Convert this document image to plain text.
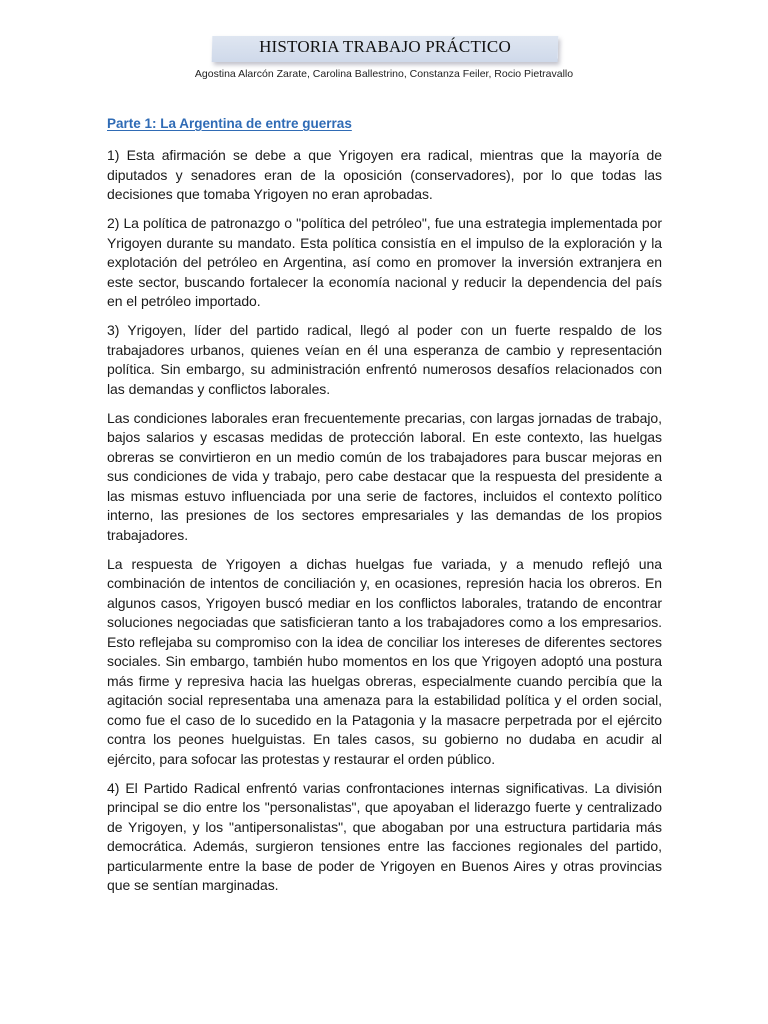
HISTORIA TRABAJO PRÁCTICO
Agostina Alarcón Zarate, Carolina Ballestrino, Constanza Feiler, Rocio Pietravallo
Parte 1: La Argentina de entre guerras

1) Esta afirmación se debe a que Yrigoyen era radical, mientras que la mayoría de diputados y senadores eran de la oposición (conservadores), por lo que todas las decisiones que tomaba Yrigoyen no eran aprobadas.

2) La política de patronazgo o "política del petróleo", fue una estrategia implementada por Yrigoyen durante su mandato. Esta política consistía en el impulso de la exploración y la explotación del petróleo en Argentina, así como en promover la inversión extranjera en este sector, buscando fortalecer la economía nacional y reducir la dependencia del país en el petróleo importado.

3) Yrigoyen, líder del partido radical, llegó al poder con un fuerte respaldo de los trabajadores urbanos, quienes veían en él una esperanza de cambio y representación política. Sin embargo, su administración enfrentó numerosos desafíos relacionados con las demandas y conflictos laborales.

Las condiciones laborales eran frecuentemente precarias, con largas jornadas de trabajo, bajos salarios y escasas medidas de protección laboral. En este contexto, las huelgas obreras se convirtieron en un medio común de los trabajadores para buscar mejoras en sus condiciones de vida y trabajo, pero cabe destacar que la respuesta del presidente a las mismas estuvo influenciada por una serie de factores, incluidos el contexto político interno, las presiones de los sectores empresariales y las demandas de los propios trabajadores.

La respuesta de Yrigoyen a dichas huelgas fue variada, y a menudo reflejó una combinación de intentos de conciliación y, en ocasiones, represión hacia los obreros. En algunos casos, Yrigoyen buscó mediar en los conflictos laborales, tratando de encontrar soluciones negociadas que satisficieran tanto a los trabajadores como a los empresarios. Esto reflejaba su compromiso con la idea de conciliar los intereses de diferentes sectores sociales. Sin embargo, también hubo momentos en los que Yrigoyen adoptó una postura más firme y represiva hacia las huelgas obreras, especialmente cuando percibía que la agitación social representaba una amenaza para la estabilidad política y el orden social, como fue el caso de lo sucedido en la Patagonia y la masacre perpetrada por el ejército contra los peones huelguistas. En tales casos, su gobierno no dudaba en acudir al ejército, para sofocar las protestas y restaurar el orden público.

4) El Partido Radical enfrentó varias confrontaciones internas significativas. La división principal se dio entre los "personalistas", que apoyaban el liderazgo fuerte y centralizado de Yrigoyen, y los "antipersonalistas", que abogaban por una estructura partidaria más democrática. Además, surgieron tensiones entre las facciones regionales del partido, particularmente entre la base de poder de Yrigoyen en Buenos Aires y otras provincias que se sentían marginadas.
